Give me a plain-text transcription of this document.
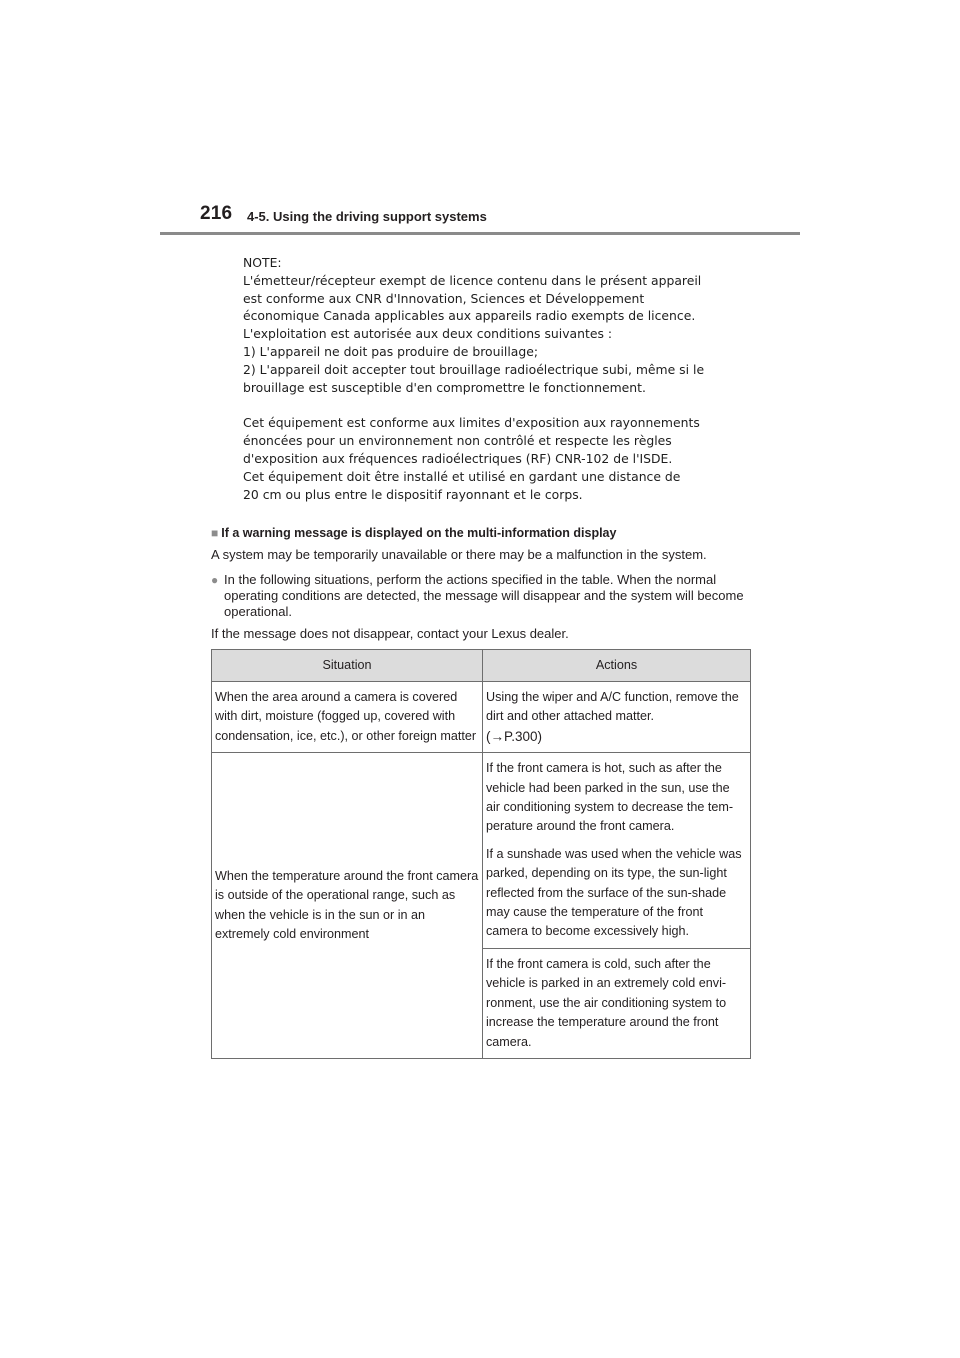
216 4-5. Using the driving support systems

NOTE:

L'émetteur/récepteur exempt de licence contenu dans le présent appareil

est conforme aux CNR d'Innovation, Sciences et Développement

économique Canada applicables aux appareils radio exempts de licence.

L'exploitation est autorisée aux deux conditions suivantes :

1) L'appareil ne doit pas produire de brouillage;

2) L'appareil doit accepter tout brouillage radioélectrique subi, même si le

brouillage est susceptible d'en compromettre le fonctionnement.

Cet équipement est conforme aux limites d'exposition aux rayonnements

énoncées pour un environnement non contrôlé et respecte les règles

d'exposition aux fréquences radioélectriques (RF) CNR-102 de l'ISDE.

Cet équipement doit être installé et utilisé en gardant une distance de

20 cm ou plus entre le dispositif rayonnant et le corps.

■ If a warning message is displayed on the multi-information display
A system may be temporarily unavailable or there may be a malfunction in the system.
● In the following situations, perform the actions specified in the table. When the normal operating conditions are detected, the message will disappear and the system will become operational.
If the message does not disappear, contact your Lexus dealer.
Situation	Actions
When the area around a camera is covered with dirt, moisture (fogged up, covered with condensation, ice, etc.), or other foreign matter	Using the wiper and A/C function, remove the dirt and other attached matter.

(→P.300)

When the temperature around the front camera is outside of the operational range, such as when the vehicle is in the sun or in an extremely cold environment	If the front camera is hot, such as after the vehicle had been parked in the sun, use the air conditioning system to decrease the tem-perature around the front camera.

If a sunshade was used when the vehicle was parked, depending on its type, the sun-light reflected from the surface of the sun-shade may cause the temperature of the front camera to become excessively high.

	If the front camera is cold, such after the vehicle is parked in an extremely cold envi-ronment, use the air conditioning system to increase the temperature around the front camera.
